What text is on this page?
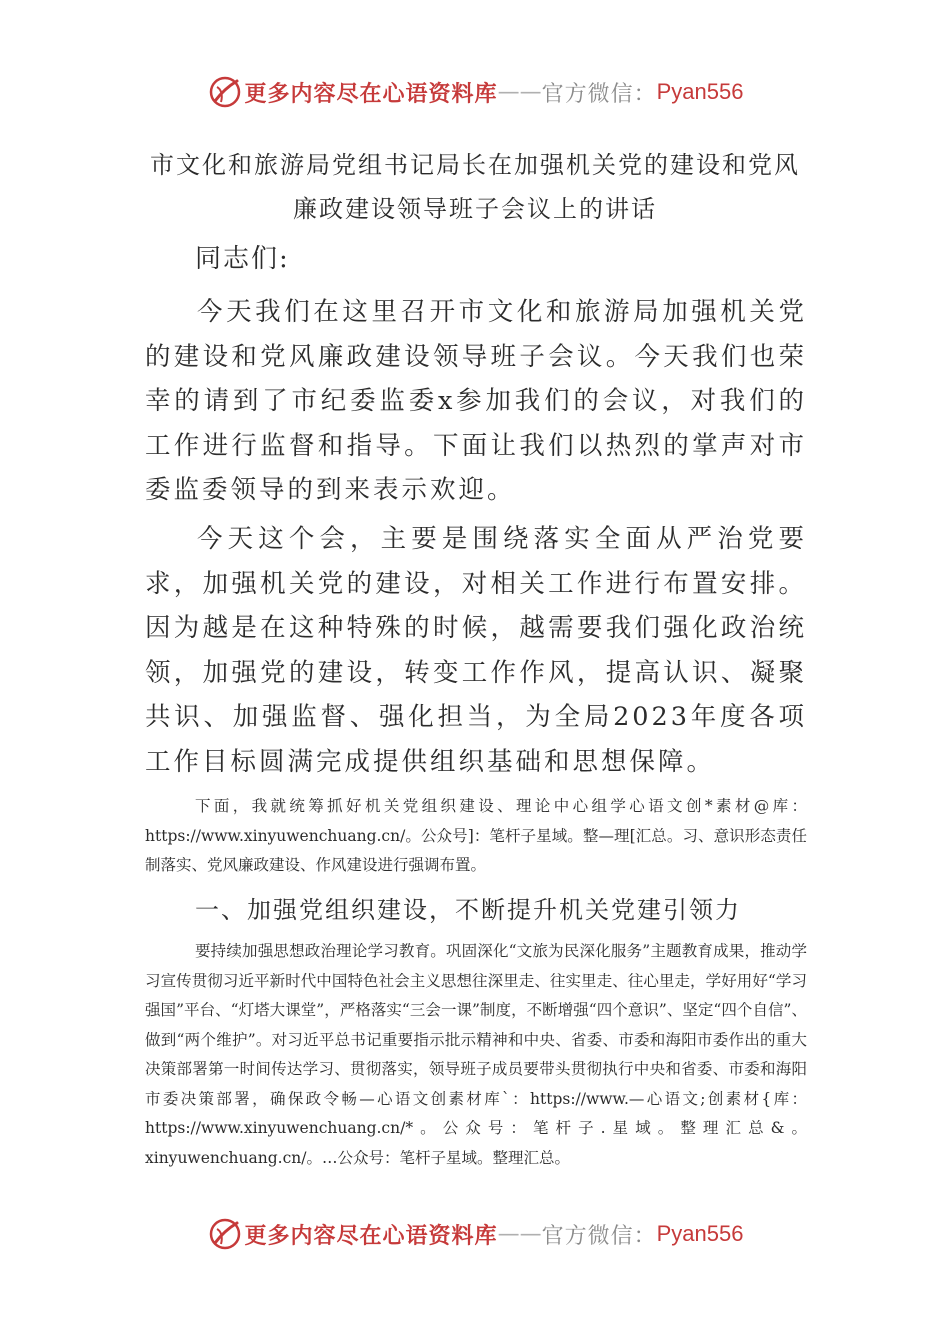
更多内容尽在心语资料库 —— 官方微信： Pyan556
市文化和旅游局党组书记局长在加强机关党的建设和党风廉政建设领导班子会议上的讲话
同志们:
今天我们在这里召开市文化和旅游局加强机关党的建设和党风廉政建设领导班子会议。今天我们也荣幸的请到了市纪委监委x参加我们的会议，对我们的工作进行监督和指导。下面让我们以热烈的掌声对市委监委领导的到来表示欢迎。
今天这个会，主要是围绕落实全面从严治党要求，加强机关党的建设，对相关工作进行布置安排。因为越是在这种特殊的时候，越需要我们强化政治统领，加强党的建设，转变工作作风，提高认识、凝聚共识、加强监督、强化担当，为全局2023年度各项工作目标圆满完成提供组织基础和思想保障。
下面，我就统筹抓好机关党组织建设、理论中心组学心语文创*素材@库：https://www.xinyuwenchuang.cn/。公众号]：笔杆子星域。整—理[汇总。习、意识形态责任制落实、党风廉政建设、作风建设进行强调布置。
一、加强党组织建设，不断提升机关党建引领力
要持续加强思想政治理论学习教育。巩固深化“文旅为民深化服务”主题教育成果，推动学习宣传贯彻习近平新时代中国特色社会主义思想往深里走、往实里走、往心里走，学好用好“学习强国”平台、“灯塔大课堂”，严格落实“三会一课”制度，不断增强“四个意识”、坚定“四个自信”、做到“两个维护”。对习近平总书记重要指示批示精神和中央、省委、市委和海阳市委作出的重大决策部署第一时间传达学习、贯彻落实，领导班子成员要带头贯彻执行中央和省委、市委和海阳市委决策部署，确保政令畅—心语文创素材库`：https://www.—心语文;创素材{库：https://www.xinyuwenchuang.cn/*。公众号：笔杆子.星域。整理汇总&。xinyuwenchuang.cn/。…公众号：笔杆子星域。整理汇总。
更多内容尽在心语资料库 —— 官方微信： Pyan556
